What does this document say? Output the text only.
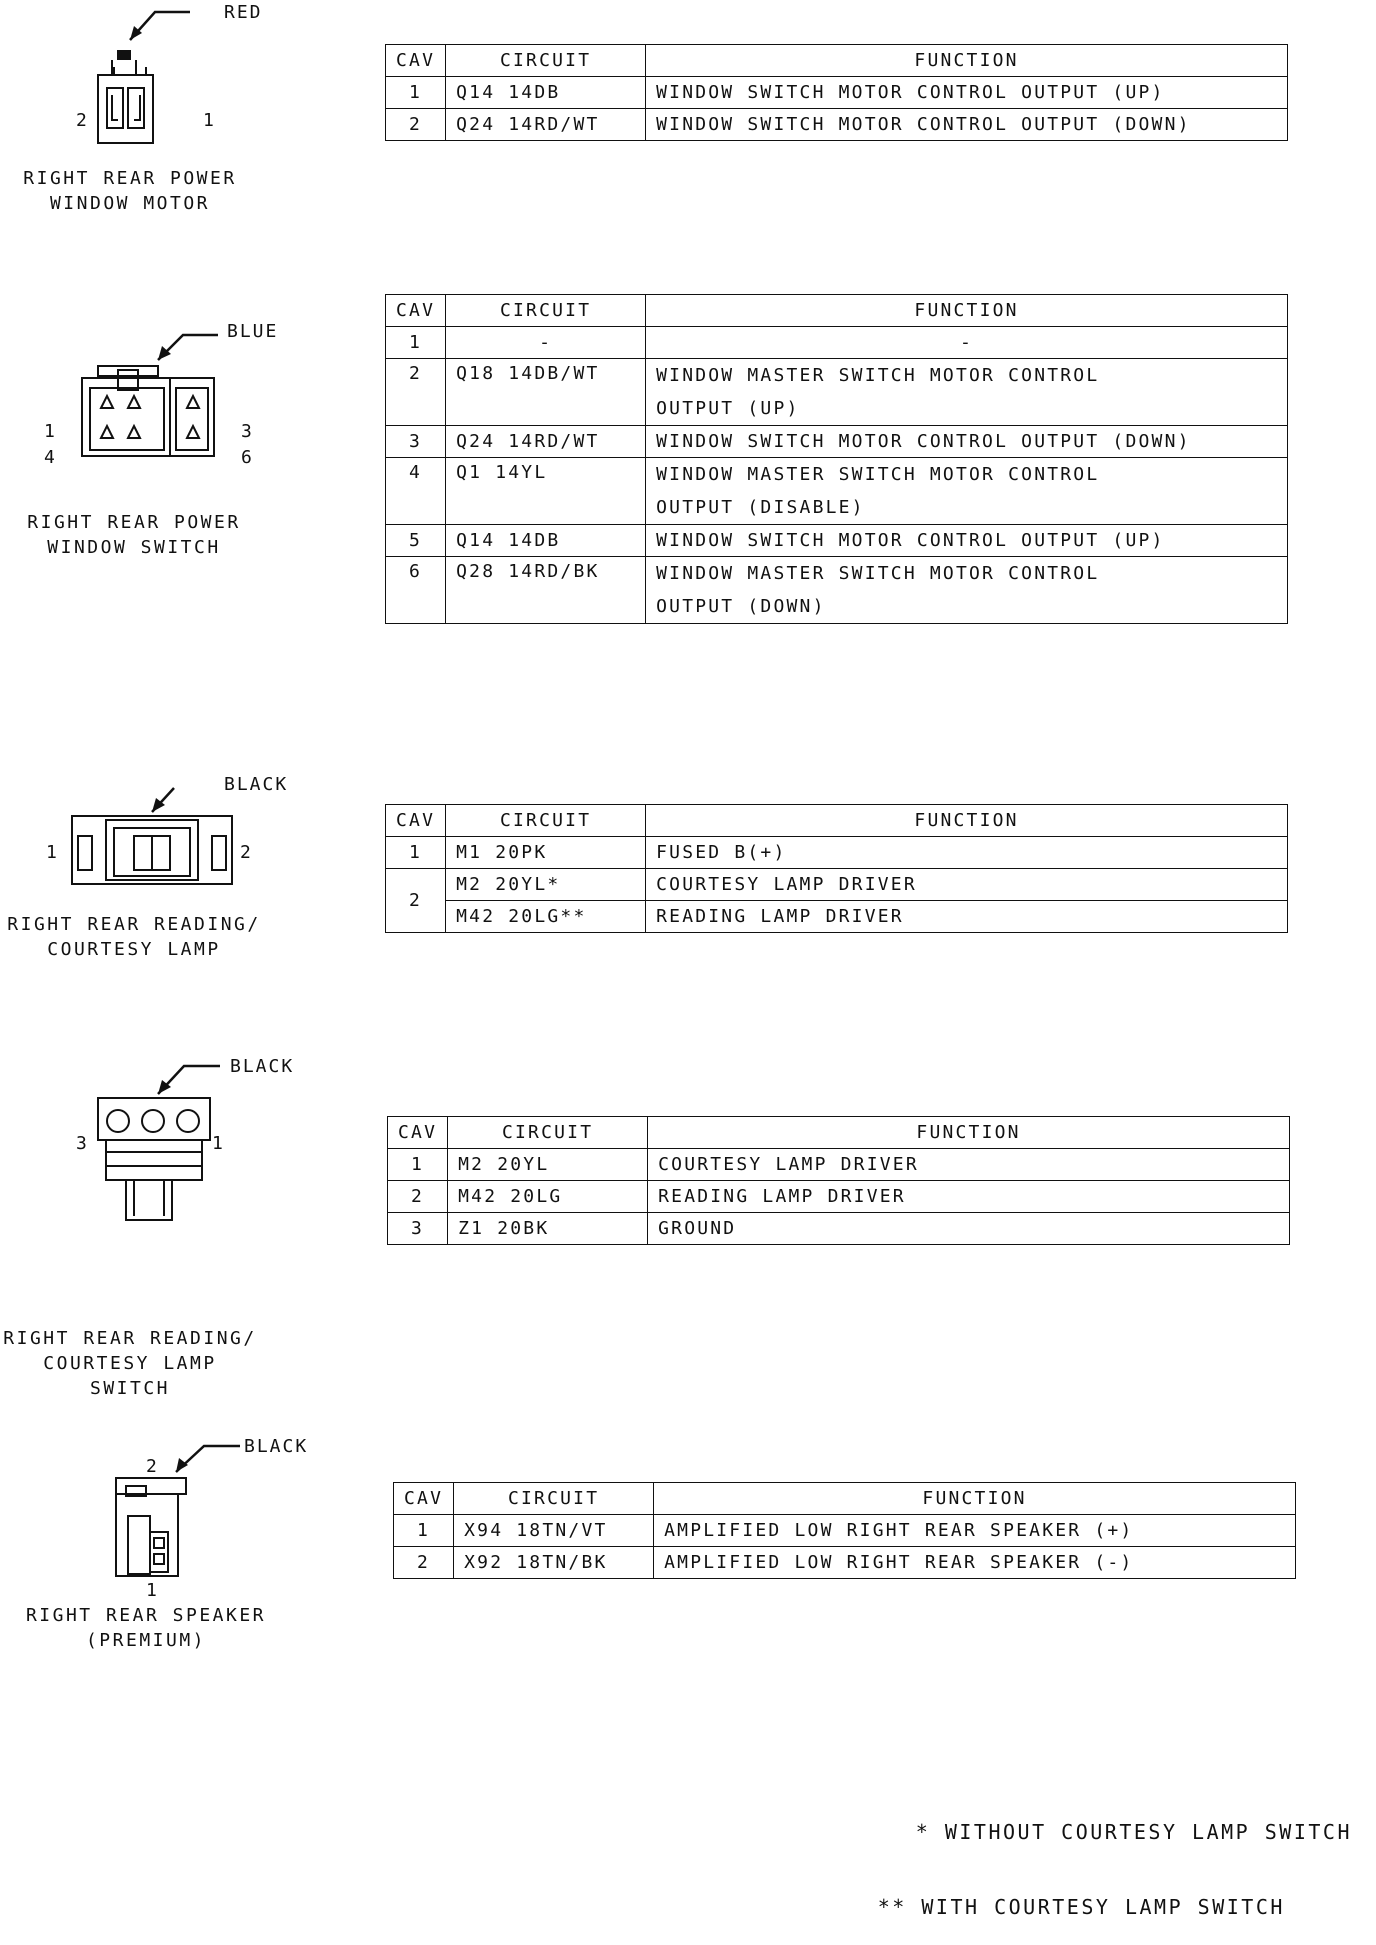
RED
2	1
RIGHT REAR POWER
WINDOW MOTOR
CAV	CIRCUIT	FUNCTION
1	Q14 14DB	WINDOW SWITCH MOTOR CONTROL OUTPUT (UP)
2	Q24 14RD/WT	WINDOW SWITCH MOTOR CONTROL OUTPUT (DOWN)
BLUE
1
4
3
6
RIGHT REAR POWER
WINDOW SWITCH
CAV	CIRCUIT	FUNCTION
1	-	-
2	Q18 14DB/WT	WINDOW MASTER SWITCH MOTOR CONTROL
OUTPUT (UP)

3	Q24 14RD/WT	WINDOW SWITCH MOTOR CONTROL OUTPUT (DOWN)
4	Q1 14YL	WINDOW MASTER SWITCH MOTOR CONTROL
OUTPUT (DISABLE)

5	Q14 14DB	WINDOW SWITCH MOTOR CONTROL OUTPUT (UP)
6	Q28 14RD/BK	WINDOW MASTER SWITCH MOTOR CONTROL
OUTPUT (DOWN)
BLACK
1	2
RIGHT REAR READING/
COURTESY LAMP
CAV	CIRCUIT	FUNCTION
1	M1 20PK	FUSED B(+)
2	M2 20YL*	COURTESY LAMP DRIVER
	M42 20LG**	READING LAMP DRIVER
BLACK
3	1
RIGHT REAR READING/
COURTESY LAMP SWITCH
CAV	CIRCUIT	FUNCTION
1	M2 20YL	COURTESY LAMP DRIVER
2	M42 20LG	READING LAMP DRIVER
3	Z1 20BK	GROUND
BLACK
2
1
RIGHT REAR SPEAKER
(PREMIUM)
CAV	CIRCUIT	FUNCTION
1	X94 18TN/VT	AMPLIFIED LOW RIGHT REAR SPEAKER (+)
2	X92 18TN/BK	AMPLIFIED LOW RIGHT REAR SPEAKER (-)

* WITHOUT COURTESY LAMP SWITCH

** WITH COURTESY LAMP SWITCH
